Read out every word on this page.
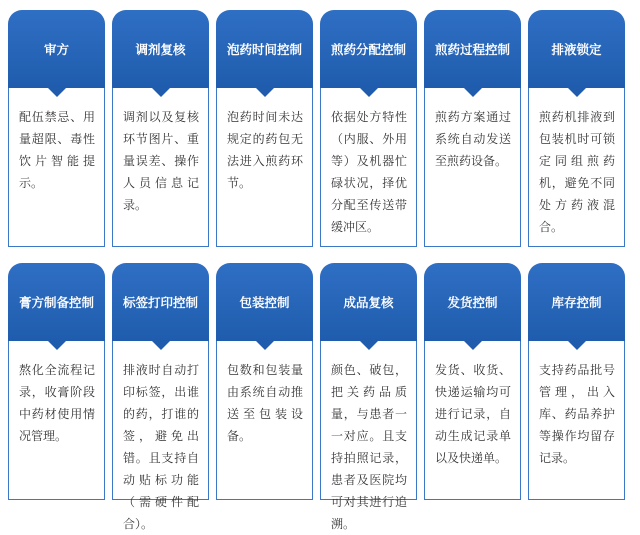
审方
配伍禁忌、用量超限、毒性饮片智能提示。
调剂复核
调剂以及复核环节图片、重量误差、操作人员信息记录。
泡药时间控制
泡药时间未达规定的药包无法进入煎药环节。
煎药分配控制
依据处方特性（内服、外用等）及机器忙碌状况，择优分配至传送带缓冲区。
煎药过程控制
煎药方案通过系统自动发送至煎药设备。
排液锁定
煎药机排液到包装机时可锁定同组煎药机，避免不同处方药液混合。
膏方制备控制
熬化全流程记录，收膏阶段中药材使用情况管理。
标签打印控制
排液时自动打印标签，出谁的药，打谁的签，避免出错。且支持自动贴标功能（需硬件配合）。
包装控制
包数和包装量由系统自动推送至包装设备。
成品复核
颜色、破包，把关药品质量，与患者一一对应。且支持拍照记录，患者及医院均可对其进行追溯。
发货控制
发货、收货、快递运输均可进行记录，自动生成记录单以及快递单。
库存控制
支持药品批号管理，出入库、药品养护等操作均留存记录。
